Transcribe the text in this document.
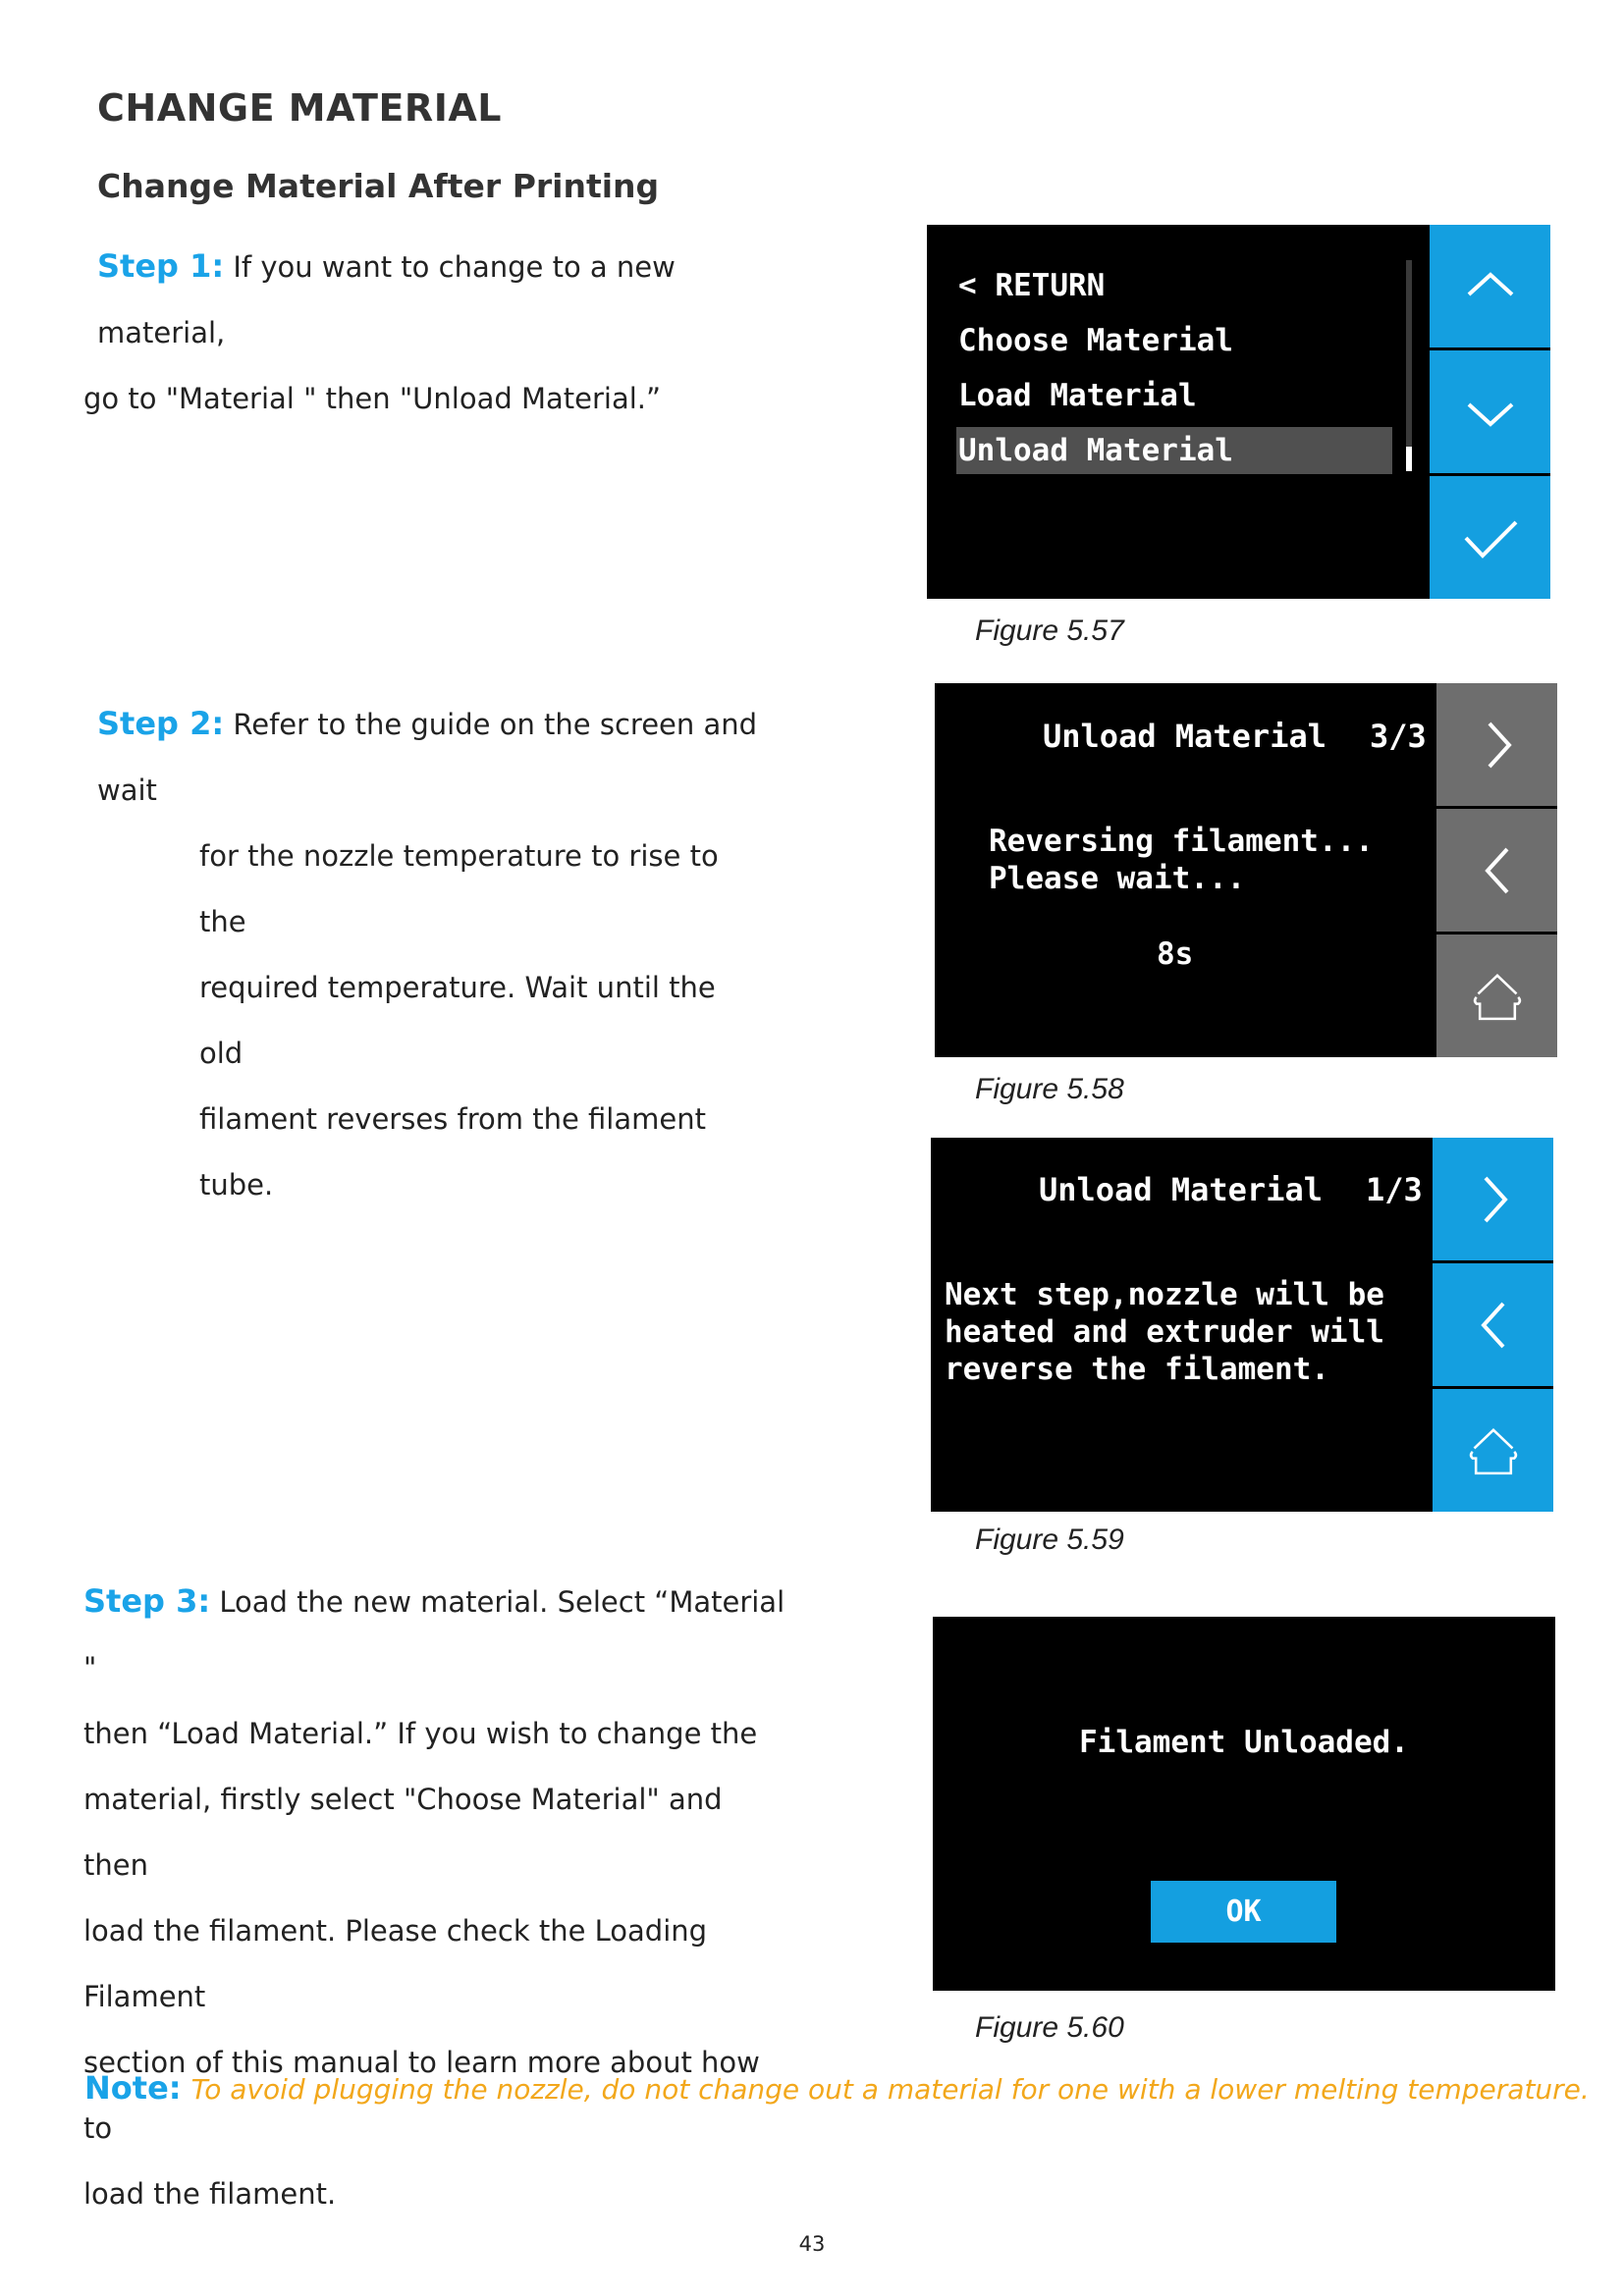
CHANGE MATERIAL
Change Material After Printing
Step 1: If you want to change to a new material,
go to "Material " then "Unload Material.”
Step 2: Refer to the guide on the screen and wait
for the nozzle temperature to rise to the
required temperature. Wait until the old
filament reverses from the filament tube.
Step 3: Load the new material. Select “Material "
then “Load Material.” If you wish to change the
material, firstly select "Choose Material" and then
load the filament. Please check the Loading Filament
section of this manual to learn more about how to
load the filament.
< RETURN
Choose Material
Load Material
Unload Material
Figure 5.57
Unload Material 3/3
Reversing filament...
Please wait...
8s
Figure 5.58
Unload Material 1/3
Next step,nozzle will be
heated and extruder will
reverse the filament.
Figure 5.59
Filament Unloaded.
OK
Figure 5.60
Note: To avoid plugging the nozzle, do not change out a material for one with a lower melting temperature.
43
